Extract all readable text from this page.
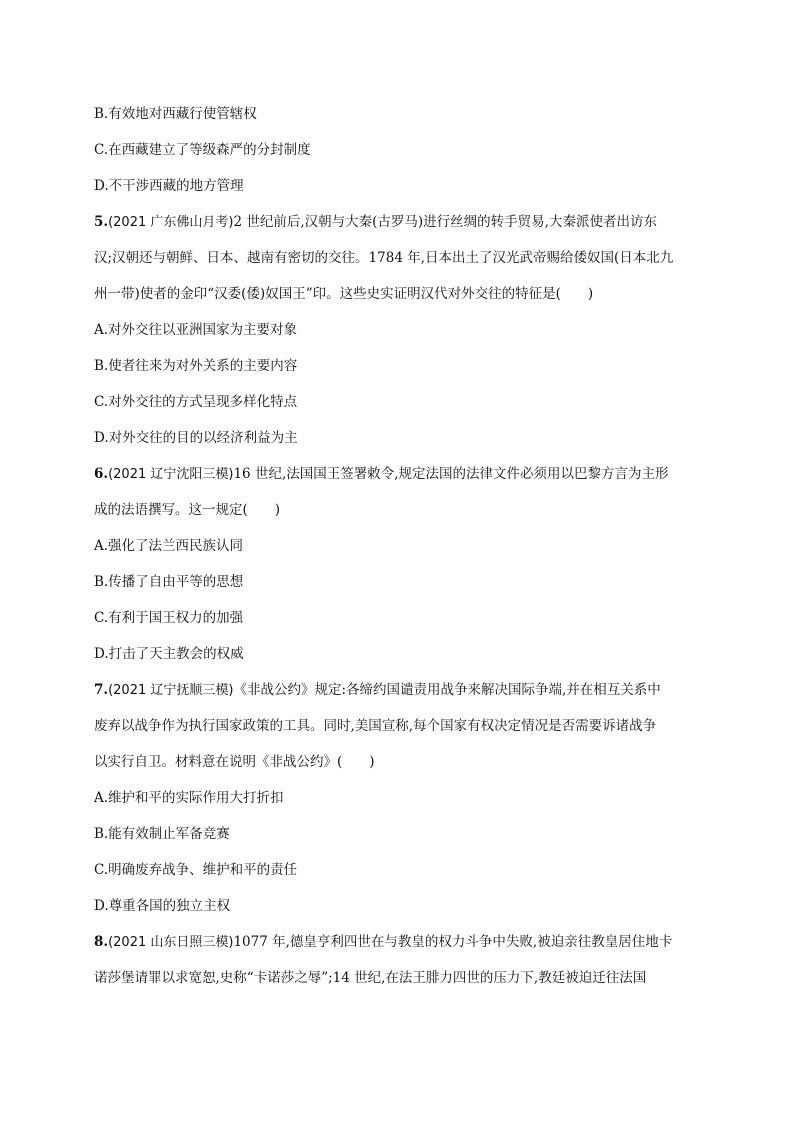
B.有效地对西藏行使管辖权
C.在西藏建立了等级森严的分封制度
D.不干涉西藏的地方管理
5.(2021 广东佛山月考)2 世纪前后,汉朝与大秦(古罗马)进行丝绸的转手贸易,大秦派使者出访东
汉;汉朝还与朝鲜、日本、越南有密切的交往。1784 年,日本出土了汉光武帝赐给倭奴国(日本北九
州一带)使者的金印“汉委(倭)奴国王”印。这些史实证明汉代对外交往的特征是(　　)
A.对外交往以亚洲国家为主要对象
B.使者往来为对外关系的主要内容
C.对外交往的方式呈现多样化特点
D.对外交往的目的以经济利益为主
6.(2021 辽宁沈阳三模)16 世纪,法国国王签署敕令,规定法国的法律文件必须用以巴黎方言为主形
成的法语撰写。这一规定(　　)
A.强化了法兰西民族认同
B.传播了自由平等的思想
C.有利于国王权力的加强
D.打击了天主教会的权威
7.(2021 辽宁抚顺三模)《非战公约》规定:各缔约国谴责用战争来解决国际争端,并在相互关系中
废弃以战争作为执行国家政策的工具。同时,美国宣称,每个国家有权决定情况是否需要诉诸战争
以实行自卫。材料意在说明《非战公约》(　　)
A.维护和平的实际作用大打折扣
B.能有效制止军备竞赛
C.明确废弃战争、维护和平的责任
D.尊重各国的独立主权
8.(2021 山东日照三模)1077 年,德皇亨利四世在与教皇的权力斗争中失败,被迫亲往教皇居住地卡
诺莎堡请罪以求宽恕,史称“卡诺莎之辱”;14 世纪,在法王腓力四世的压力下,教廷被迫迁往法国
